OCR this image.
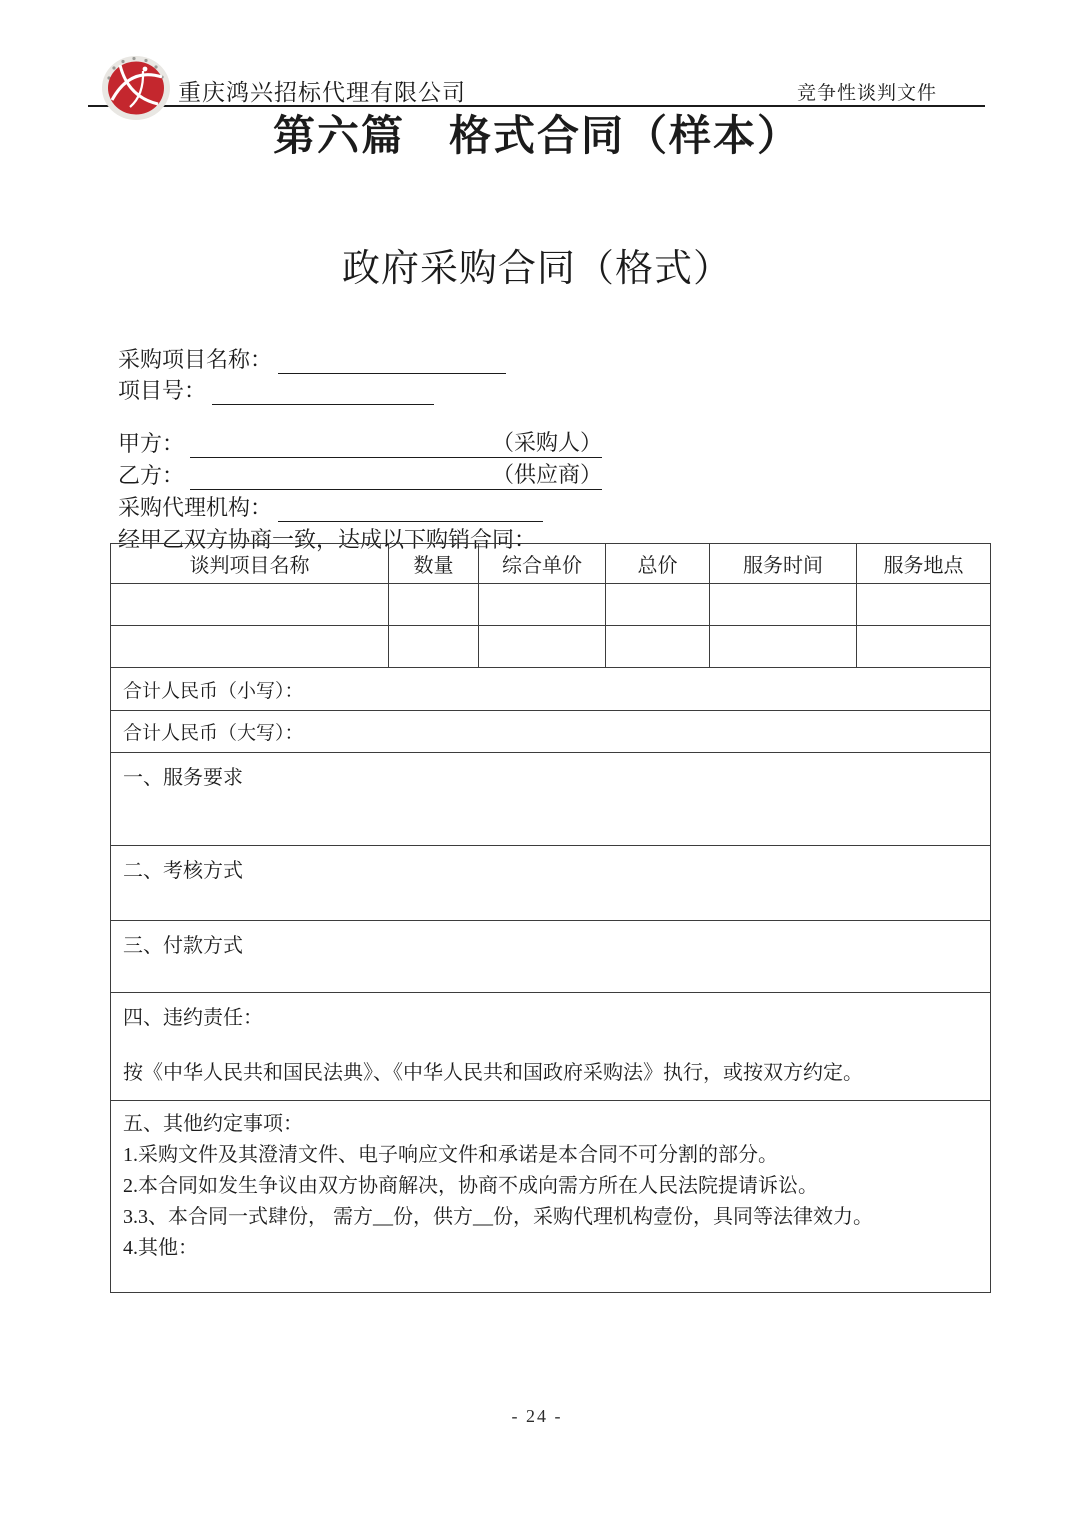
重庆鸿兴招标代理有限公司	竞争性谈判文件
第六篇　格式合同（样本）
政府采购合同（格式）
采购项目名称：
项目号：
甲方：	（采购人）
乙方：	（供应商）
采购代理机构：
经甲乙双方协商一致，达成以下购销合同：
谈判项目名称	数量	综合单价	总价	服务时间	服务地点

合计人民币（小写）：					
合计人民币（大写）：					
一、服务要求					
二、考核方式					
三、付款方式					

四、违约责任：
按《中华人民共和国民法典》、《中华人民共和国政府采购法》执行，或按双方约定。					

五、其他约定事项：
1.采购文件及其澄清文件、电子响应文件和承诺是本合同不可分割的部分。
2.本合同如发生争议由双方协商解决，协商不成向需方所在人民法院提请诉讼。
3.3、本合同一式肆份， 需方__份，供方__份，采购代理机构壹份，具同等法律效力。
4.其他：					
- 24 -
